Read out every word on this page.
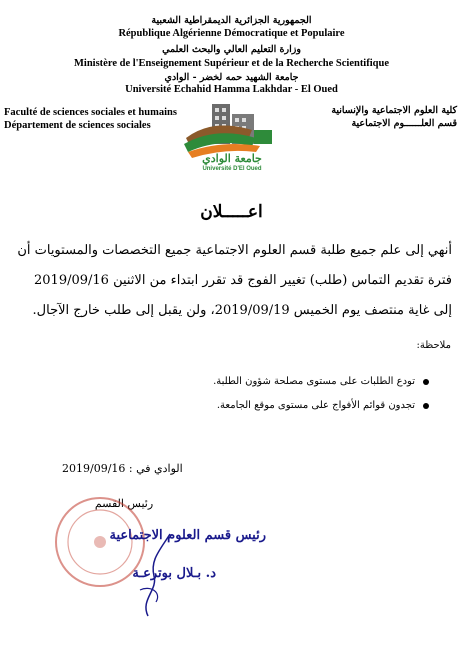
الجمهورية الجزائرية الديمقراطية الشعبية
République Algérienne Démocratique et Populaire
وزارة التعليم العالي والبحث العلمي
Ministère de l'Enseignement Supérieur et de la Recherche Scientifique
جامعة الشهيد حمه لخضر - الوادي
Université Echahid Hamma Lakhdar - El Oued
Faculté de sciences sociales et humains
Département de sciences sociales
كلية العلوم الاجتماعية والإنسانية
قسم العلــــــوم الاجتماعية
جامعة الوادي
Université D'El Oued
اعـــــلان
أنهي إلى علم جميع طلبة قسم العلوم الاجتماعية جميع التخصصات والمستويات أن
فترة تقديم التماس (طلب) تغيير الفوج قد تقرر ابتداء من الاثنين 2019/09/16
إلى غاية منتصف يوم الخميس 2019/09/19، ولن يقبل إلى طلب خارج الآجال.
ملاحظة:
تودع الطلبات على مستوى مصلحة شؤون الطلبة.
تجدون قوائم الأفواج على مستوى موقع الجامعة.
الوادي في : 2019/09/16
رئيس القسم
رئيس قسم العلوم الاجتماعية
د. بـلال بوترعـة
